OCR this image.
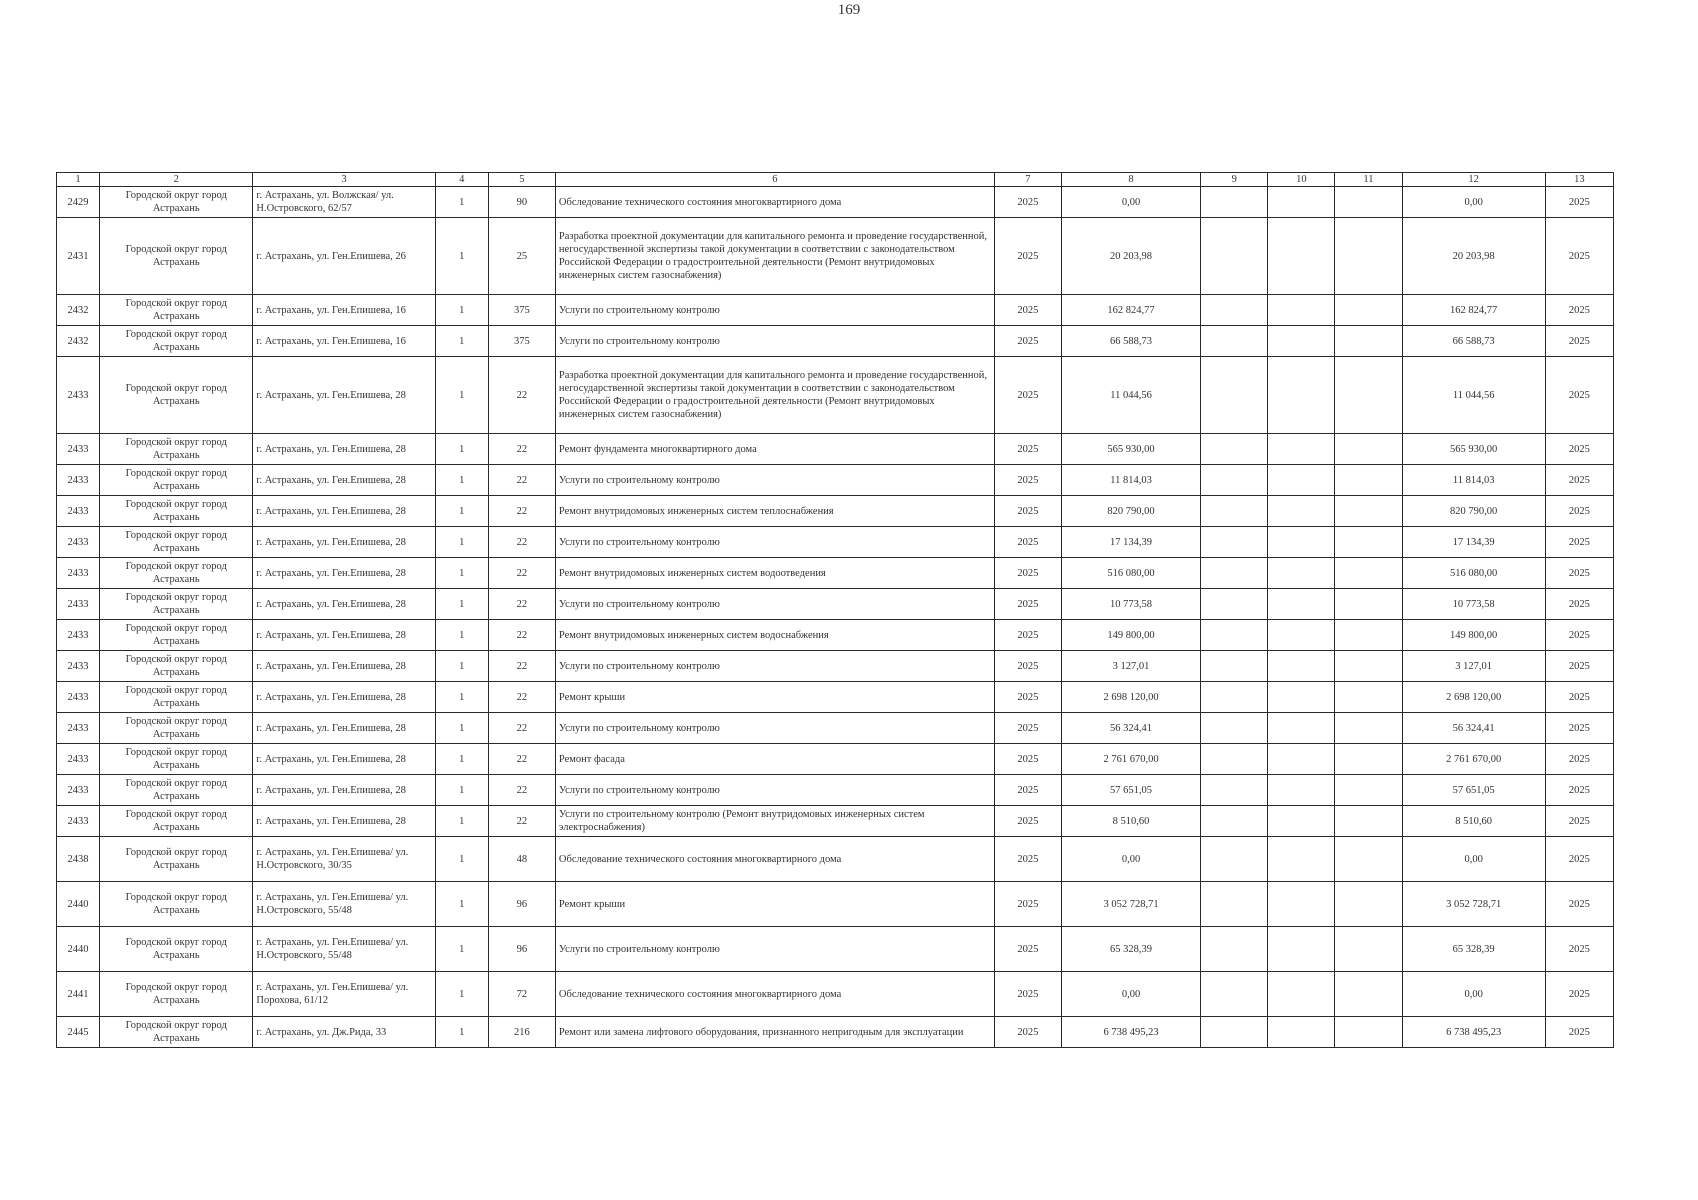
169
1	2	3	4	5	6	7	8	9	10	11	12	13
2429	Городской округ город Астрахань	г. Астрахань, ул. Волжская/ ул. Н.Островского, 62/57	1	90	Обследование технического состояния многоквартирного дома	2025	0,00				0,00	2025
2431	Городской округ город Астрахань	г. Астрахань, ул. Ген.Епишева, 26	1	25	Разработка проектной документации для капитального ремонта и проведение государственной, негосударственной экспертизы такой документации в соответствии с законодательством Российской Федерации о градостроительной деятельности (Ремонт внутридомовых инженерных систем газоснабжения)	2025	20 203,98				20 203,98	2025
2432	Городской округ город Астрахань	г. Астрахань, ул. Ген.Епишева, 16	1	375	Услуги по строительному контролю	2025	162 824,77				162 824,77	2025
2432	Городской округ город Астрахань	г. Астрахань, ул. Ген.Епишева, 16	1	375	Услуги по строительному контролю	2025	66 588,73				66 588,73	2025
2433	Городской округ город Астрахань	г. Астрахань, ул. Ген.Епишева, 28	1	22	Разработка проектной документации для капитального ремонта и проведение государственной, негосударственной экспертизы такой документации в соответствии с законодательством Российской Федерации о градостроительной деятельности (Ремонт внутридомовых инженерных систем газоснабжения)	2025	11 044,56				11 044,56	2025
2433	Городской округ город Астрахань	г. Астрахань, ул. Ген.Епишева, 28	1	22	Ремонт фундамента многоквартирного дома	2025	565 930,00				565 930,00	2025
2433	Городской округ город Астрахань	г. Астрахань, ул. Ген.Епишева, 28	1	22	Услуги по строительному контролю	2025	11 814,03				11 814,03	2025
2433	Городской округ город Астрахань	г. Астрахань, ул. Ген.Епишева, 28	1	22	Ремонт внутридомовых инженерных систем теплоснабжения	2025	820 790,00				820 790,00	2025
2433	Городской округ город Астрахань	г. Астрахань, ул. Ген.Епишева, 28	1	22	Услуги по строительному контролю	2025	17 134,39				17 134,39	2025
2433	Городской округ город Астрахань	г. Астрахань, ул. Ген.Епишева, 28	1	22	Ремонт внутридомовых инженерных систем водоотведения	2025	516 080,00				516 080,00	2025
2433	Городской округ город Астрахань	г. Астрахань, ул. Ген.Епишева, 28	1	22	Услуги по строительному контролю	2025	10 773,58				10 773,58	2025
2433	Городской округ город Астрахань	г. Астрахань, ул. Ген.Епишева, 28	1	22	Ремонт внутридомовых инженерных систем водоснабжения	2025	149 800,00				149 800,00	2025
2433	Городской округ город Астрахань	г. Астрахань, ул. Ген.Епишева, 28	1	22	Услуги по строительному контролю	2025	3 127,01				3 127,01	2025
2433	Городской округ город Астрахань	г. Астрахань, ул. Ген.Епишева, 28	1	22	Ремонт крыши	2025	2 698 120,00				2 698 120,00	2025
2433	Городской округ город Астрахань	г. Астрахань, ул. Ген.Епишева, 28	1	22	Услуги по строительному контролю	2025	56 324,41				56 324,41	2025
2433	Городской округ город Астрахань	г. Астрахань, ул. Ген.Епишева, 28	1	22	Ремонт фасада	2025	2 761 670,00				2 761 670,00	2025
2433	Городской округ город Астрахань	г. Астрахань, ул. Ген.Епишева, 28	1	22	Услуги по строительному контролю	2025	57 651,05				57 651,05	2025
2433	Городской округ город Астрахань	г. Астрахань, ул. Ген.Епишева, 28	1	22	Услуги по строительному контролю (Ремонт внутридомовых инженерных систем электроснабжения)	2025	8 510,60				8 510,60	2025
2438	Городской округ город Астрахань	г. Астрахань, ул. Ген.Епишева/ ул. Н.Островского, 30/35	1	48	Обследование технического состояния многоквартирного дома	2025	0,00				0,00	2025
2440	Городской округ город Астрахань	г. Астрахань, ул. Ген.Епишева/ ул. Н.Островского, 55/48	1	96	Ремонт крыши	2025	3 052 728,71				3 052 728,71	2025
2440	Городской округ город Астрахань	г. Астрахань, ул. Ген.Епишева/ ул. Н.Островского, 55/48	1	96	Услуги по строительному контролю	2025	65 328,39				65 328,39	2025
2441	Городской округ город Астрахань	г. Астрахань, ул. Ген.Епишева/ ул. Порохова, 61/12	1	72	Обследование технического состояния многоквартирного дома	2025	0,00				0,00	2025
2445	Городской округ город Астрахань	г. Астрахань, ул. Дж.Рида, 33	1	216	Ремонт или замена лифтового оборудования, признанного непригодным для эксплуатации	2025	6 738 495,23				6 738 495,23	2025
